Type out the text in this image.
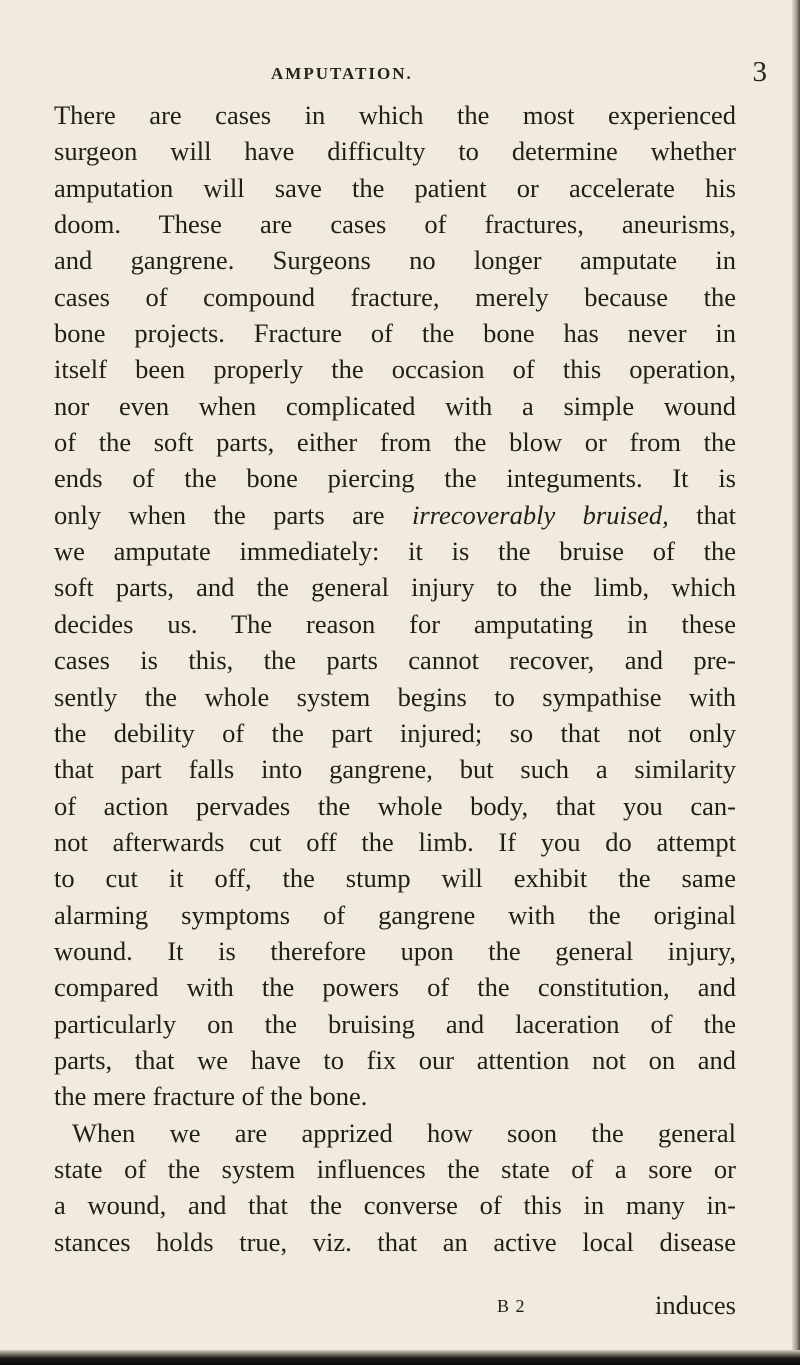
AMPUTATION.	3
There are cases in which the most experienced
surgeon will have difficulty to determine whether
amputation will save the patient or accelerate his
doom. These are cases of fractures, aneurisms,
and gangrene. Surgeons no longer amputate in
cases of compound fracture, merely because the
bone projects. Fracture of the bone has never in
itself been properly the occasion of this operation,
nor even when complicated with a simple wound
of the soft parts, either from the blow or from the
ends of the bone piercing the integuments. It is
only when the parts are irrecoverably bruised, that
we amputate immediately: it is the bruise of the
soft parts, and the general injury to the limb, which
decides us. The reason for amputating in these
cases is this, the parts cannot recover, and pre-
sently the whole system begins to sympathise with
the debility of the part injured; so that not only
that part falls into gangrene, but such a similarity
of action pervades the whole body, that you can-
not afterwards cut off the limb. If you do attempt
to cut it off, the stump will exhibit the same
alarming symptoms of gangrene with the original
wound. It is therefore upon the general injury,
compared with the powers of the constitution, and
particularly on the bruising and laceration of the
parts, that we have to fix our attention not on and
the mere fracture of the bone.
When we are apprized how soon the general
state of the system influences the state of a sore or
a wound, and that the converse of this in many in-
stances holds true, viz. that an active local disease
B 2	induces
